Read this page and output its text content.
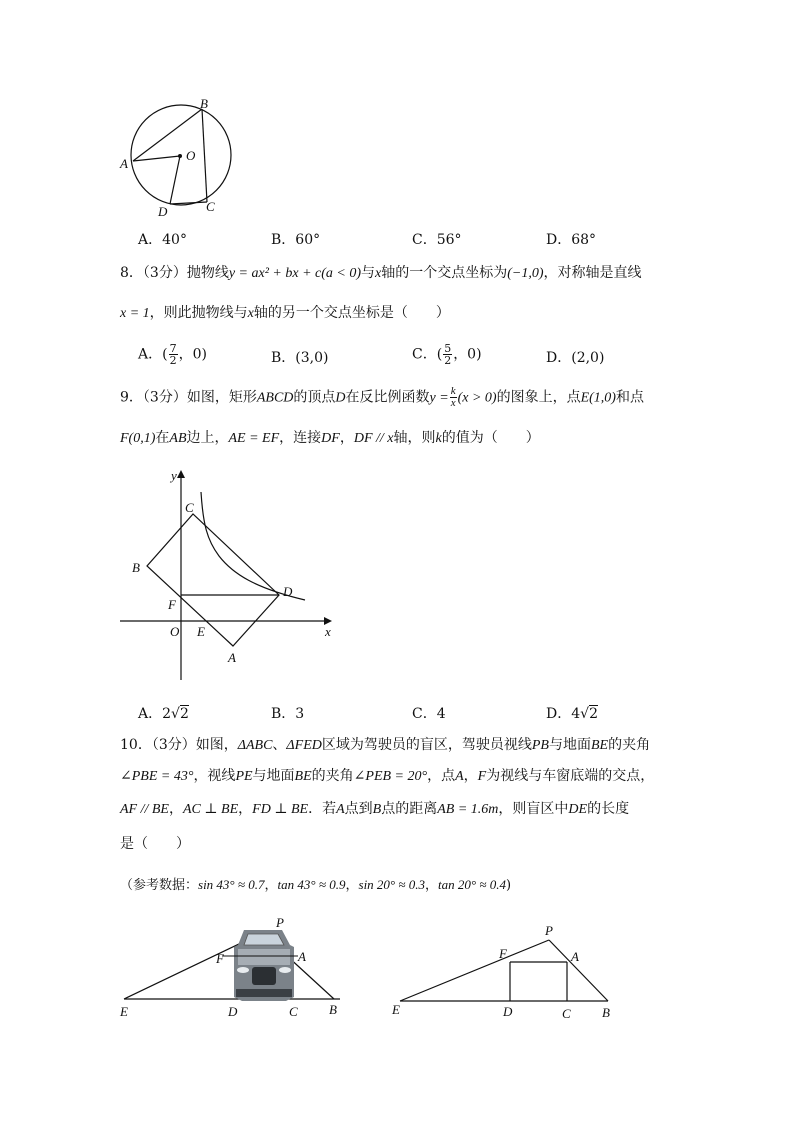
B
A
O
D	C
A．40°	B．60°	C．56°	D．68°
8．（3分）抛物线y = ax² + bx + c(a < 0)与x轴的一个交点坐标为(−1,0)，对称轴是直线
x = 1，则此抛物线与x轴的另一个交点坐标是（　　）
A．( $\frac{7}{2}$ ，0)	B．(3,0)	C．( $\frac{5}{2}$ ，0)	D．(2,0)
9．（3分）如图，矩形ABCD的顶点D在反比例函数$y = \frac{k}{x} (x > 0)$的图象上，点E(1,0)和点
F(0,1)在AB边上，AE = EF，连接DF，DF // x轴，则k的值为（　　）
y
x
C
B
D
F
O E
A
A．2√2	B．3	C．4	D．4√2
10．（3分）如图，ΔABC、ΔFED区域为驾驶员的盲区，驾驶员视线PB与地面BE的夹角
∠PBE = 43°，视线PE与地面BE的夹角∠PEB = 20°，点A，F为视线与车窗底端的交点，
AF // BE，AC ⊥ BE，FD ⊥ BE．若A点到B点的距离AB = 1.6m，则盲区中DE的长度
是（　　）
（参考数据：sin 43° ≈ 0.7，tan 43° ≈ 0.9，sin 20° ≈ 0.3，tan 20° ≈ 0.4)
P
F	A
E	D	C B
P
F	A
E	D	C B
